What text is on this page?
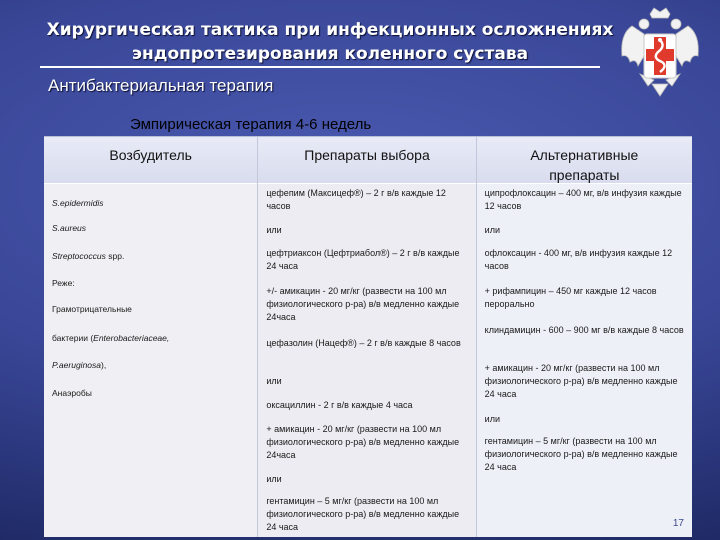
Хирургическая тактика при инфекционных осложнениях
эндопротезирования коленного сустава
Антибактериальная терапия
Эмпирическая терапия 4-6 недель
Возбудитель
S.epidermidis
S.aureus
Streptococcus spp.
Реже:
Грамотрицательные
бактерии (Enterobacteriaceae,
P.aeruginosa),
Анаэробы
Препараты выбора
цефепим (Максицеф®) – 2 г в/в каждые 12 часов
или
цефтриаксон (Цефтриабол®) – 2 г в/в каждые 24 часа
+/- амикацин - 20 мг/кг (развести на 100 мл физиологического р-ра) в/в медленно каждые 24часа
цефазолин (Нацеф®) – 2 г в/в каждые 8 часов
или
оксациллин - 2 г в/в каждые 4 часа
+ амикацин - 20 мг/кг (развести на 100 мл физиологического р-ра) в/в медленно каждые 24часа
или
гентамицин – 5 мг/кг (развести на 100 мл физиологического р-ра) в/в медленно каждые 24 часа
Альтернативные
препараты
ципрофлоксацин – 400 мг, в/в инфузия каждые 12 часов
или
офлоксацин - 400 мг, в/в инфузия каждые 12 часов
+ рифампицин – 450 мг каждые 12 часов перорально
клиндамицин - 600 – 900 мг в/в каждые 8 часов
+ амикацин - 20 мг/кг (развести на 100 мл физиологического р-ра) в/в медленно каждые 24 часа
или
гентамицин – 5 мг/кг (развести на 100 мл физиологического р-ра) в/в медленно каждые 24 часа
17
